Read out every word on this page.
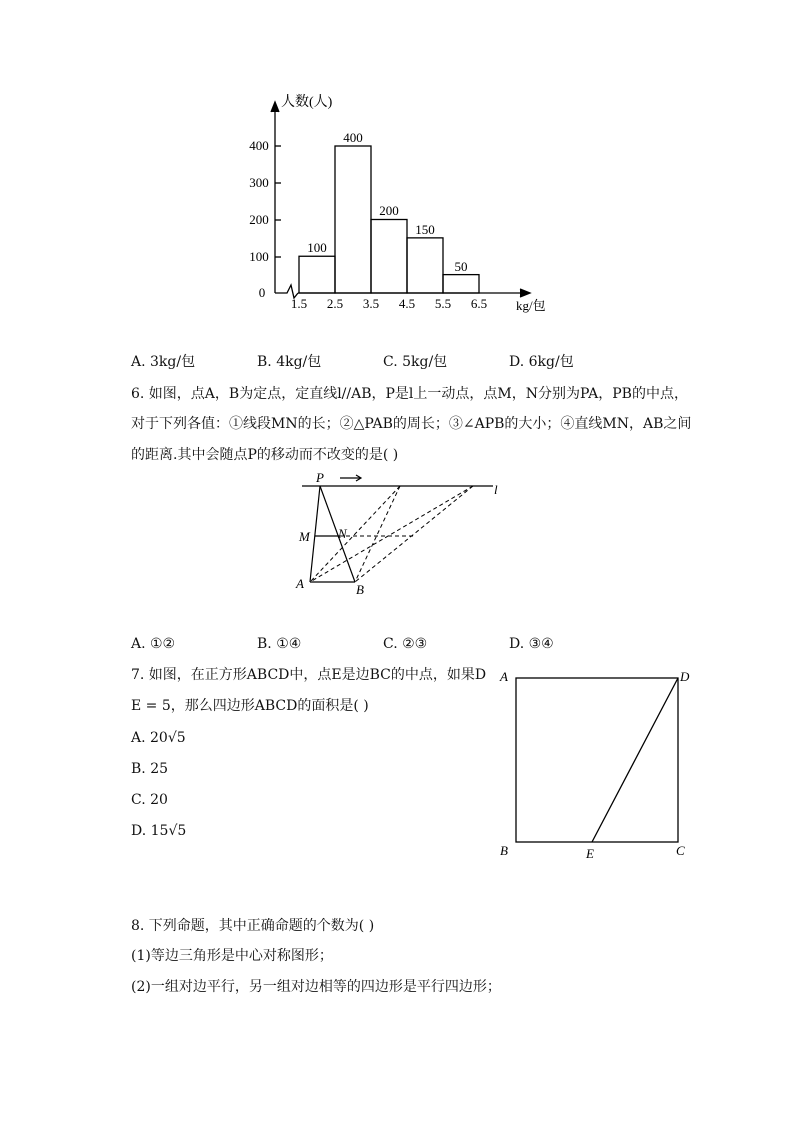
人数(人)
kg/包
0
100
200
300
400
1.5 2.5 3.5 4.5 5.5 6.5
100
400
200
150
50
A. 3kg/包	B. 4kg/包	C. 5kg/包	D. 6kg/包
6. 如图，点A，B为定点，定直线l//AB，P是l上一动点，点M，N分别为PA，PB的中点，
对于下列各值：①线段MN的长；②△PAB的周长；③∠APB的大小；④直线MN，AB之间
的距离.其中会随点P的移动而不改变的是( )
P
l
M N
A	B
A. ①②	B. ①④	C. ②③	D. ③④
7. 如图，在正方形ABCD中，点E是边BC的中点，如果D
E = 5，那么四边形ABCD的面积是( )
A. 20√5
B. 25
C. 20
D. 15√5
A	D
B	E	C
8. 下列命题，其中正确命题的个数为( )
(1)等边三角形是中心对称图形；
(2)一组对边平行，另一组对边相等的四边形是平行四边形；
